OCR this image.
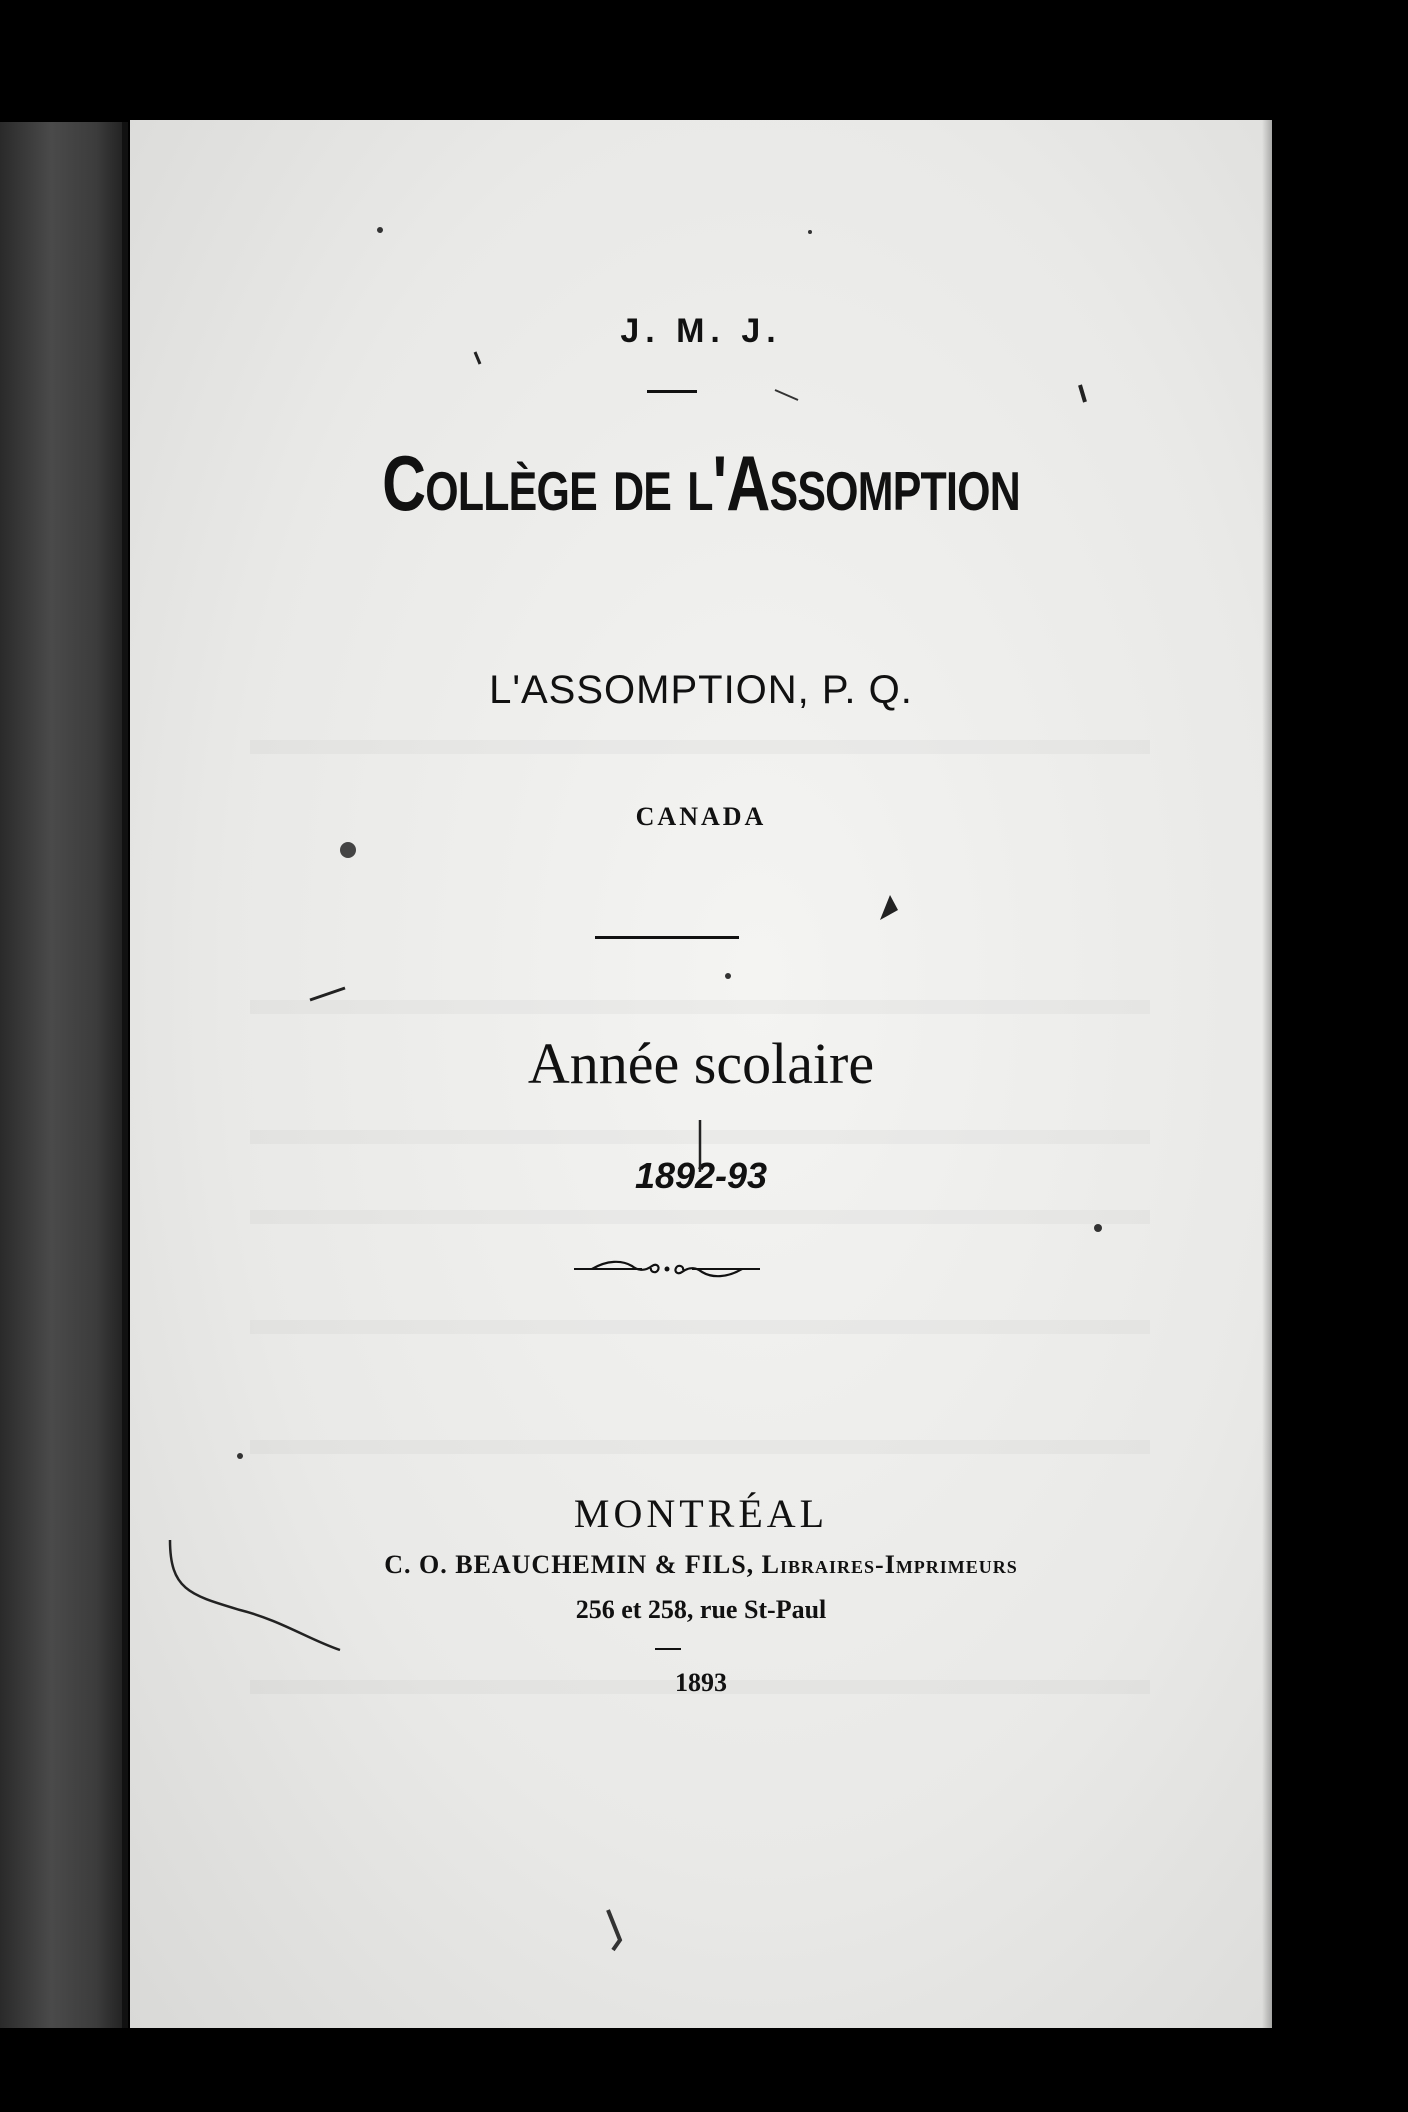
J. M. J.
Collège de l'Assomption
L'ASSOMPTION, P. Q.
CANADA
Année scolaire
1892-93
MONTRÉAL
C. O. BEAUCHEMIN & FILS, Libraires-Imprimeurs
256 et 258, rue St-Paul
1893
